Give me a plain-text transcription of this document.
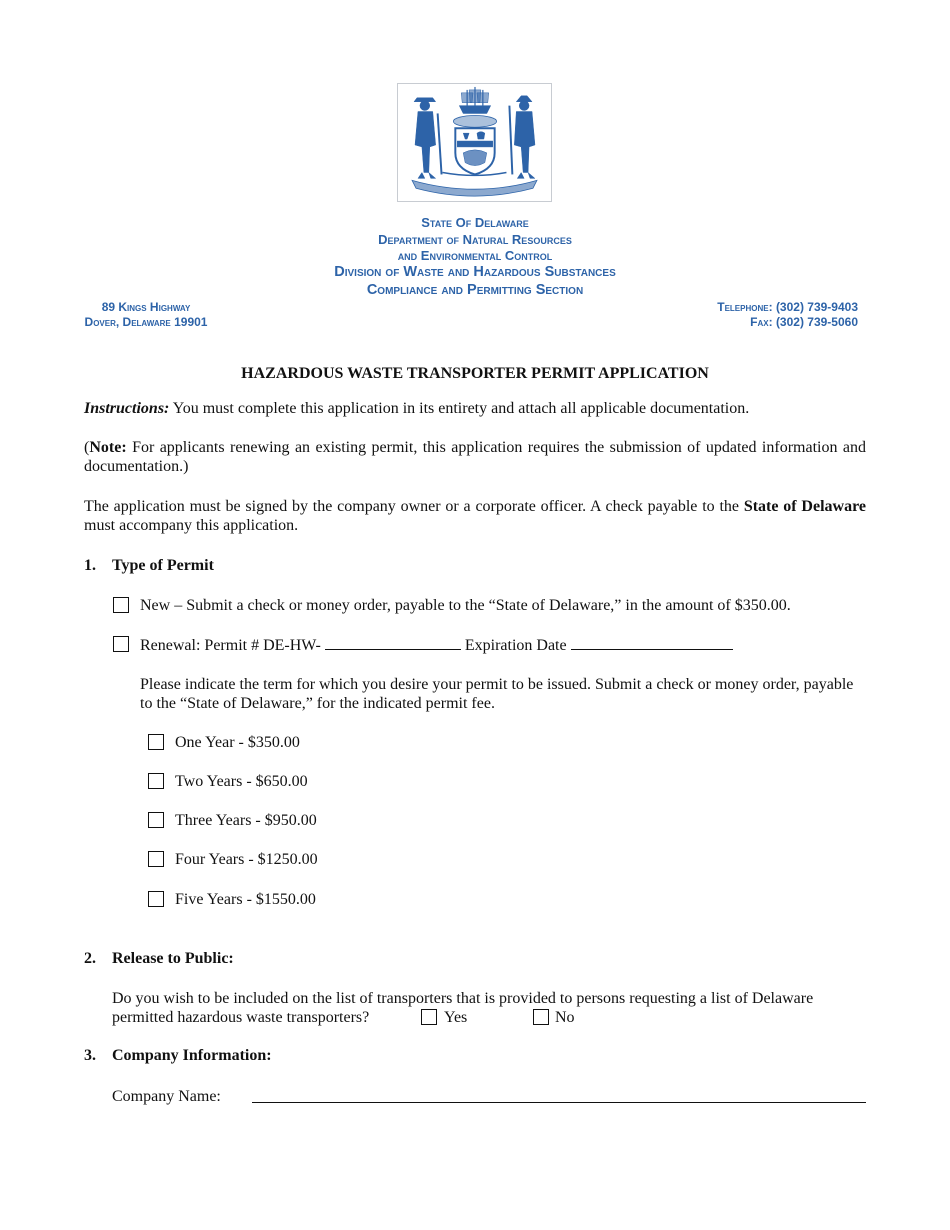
State Of Delaware
Department of Natural Resources
and Environmental Control
Division of Waste and Hazardous Substances
Compliance and Permitting Section
89 Kings Highway
Dover, Delaware 19901
Telephone: (302) 739-9403
Fax: (302) 739-5060
HAZARDOUS WASTE TRANSPORTER PERMIT APPLICATION
Instructions: You must complete this application in its entirety and attach all applicable documentation.
(Note: For applicants renewing an existing permit, this application requires the submission of updated information and documentation.)
The application must be signed by the company owner or a corporate officer. A check payable to the State of Delaware must accompany this application.
1. Type of Permit
New – Submit a check or money order, payable to the “State of Delaware,” in the amount of $350.00.
Renewal: Permit # DE-HW-	Expiration Date
Please indicate the term for which you desire your permit to be issued. Submit a check or money order, payable to the “State of Delaware,” for the indicated permit fee.
One Year - $350.00
Two Years - $650.00
Three Years - $950.00
Four Years - $1250.00
Five Years - $1550.00
2. Release to Public:
Do you wish to be included on the list of transporters that is provided to persons requesting a list of Delaware
permitted hazardous waste transporters?	Yes	No
3. Company Information:
Company Name:
